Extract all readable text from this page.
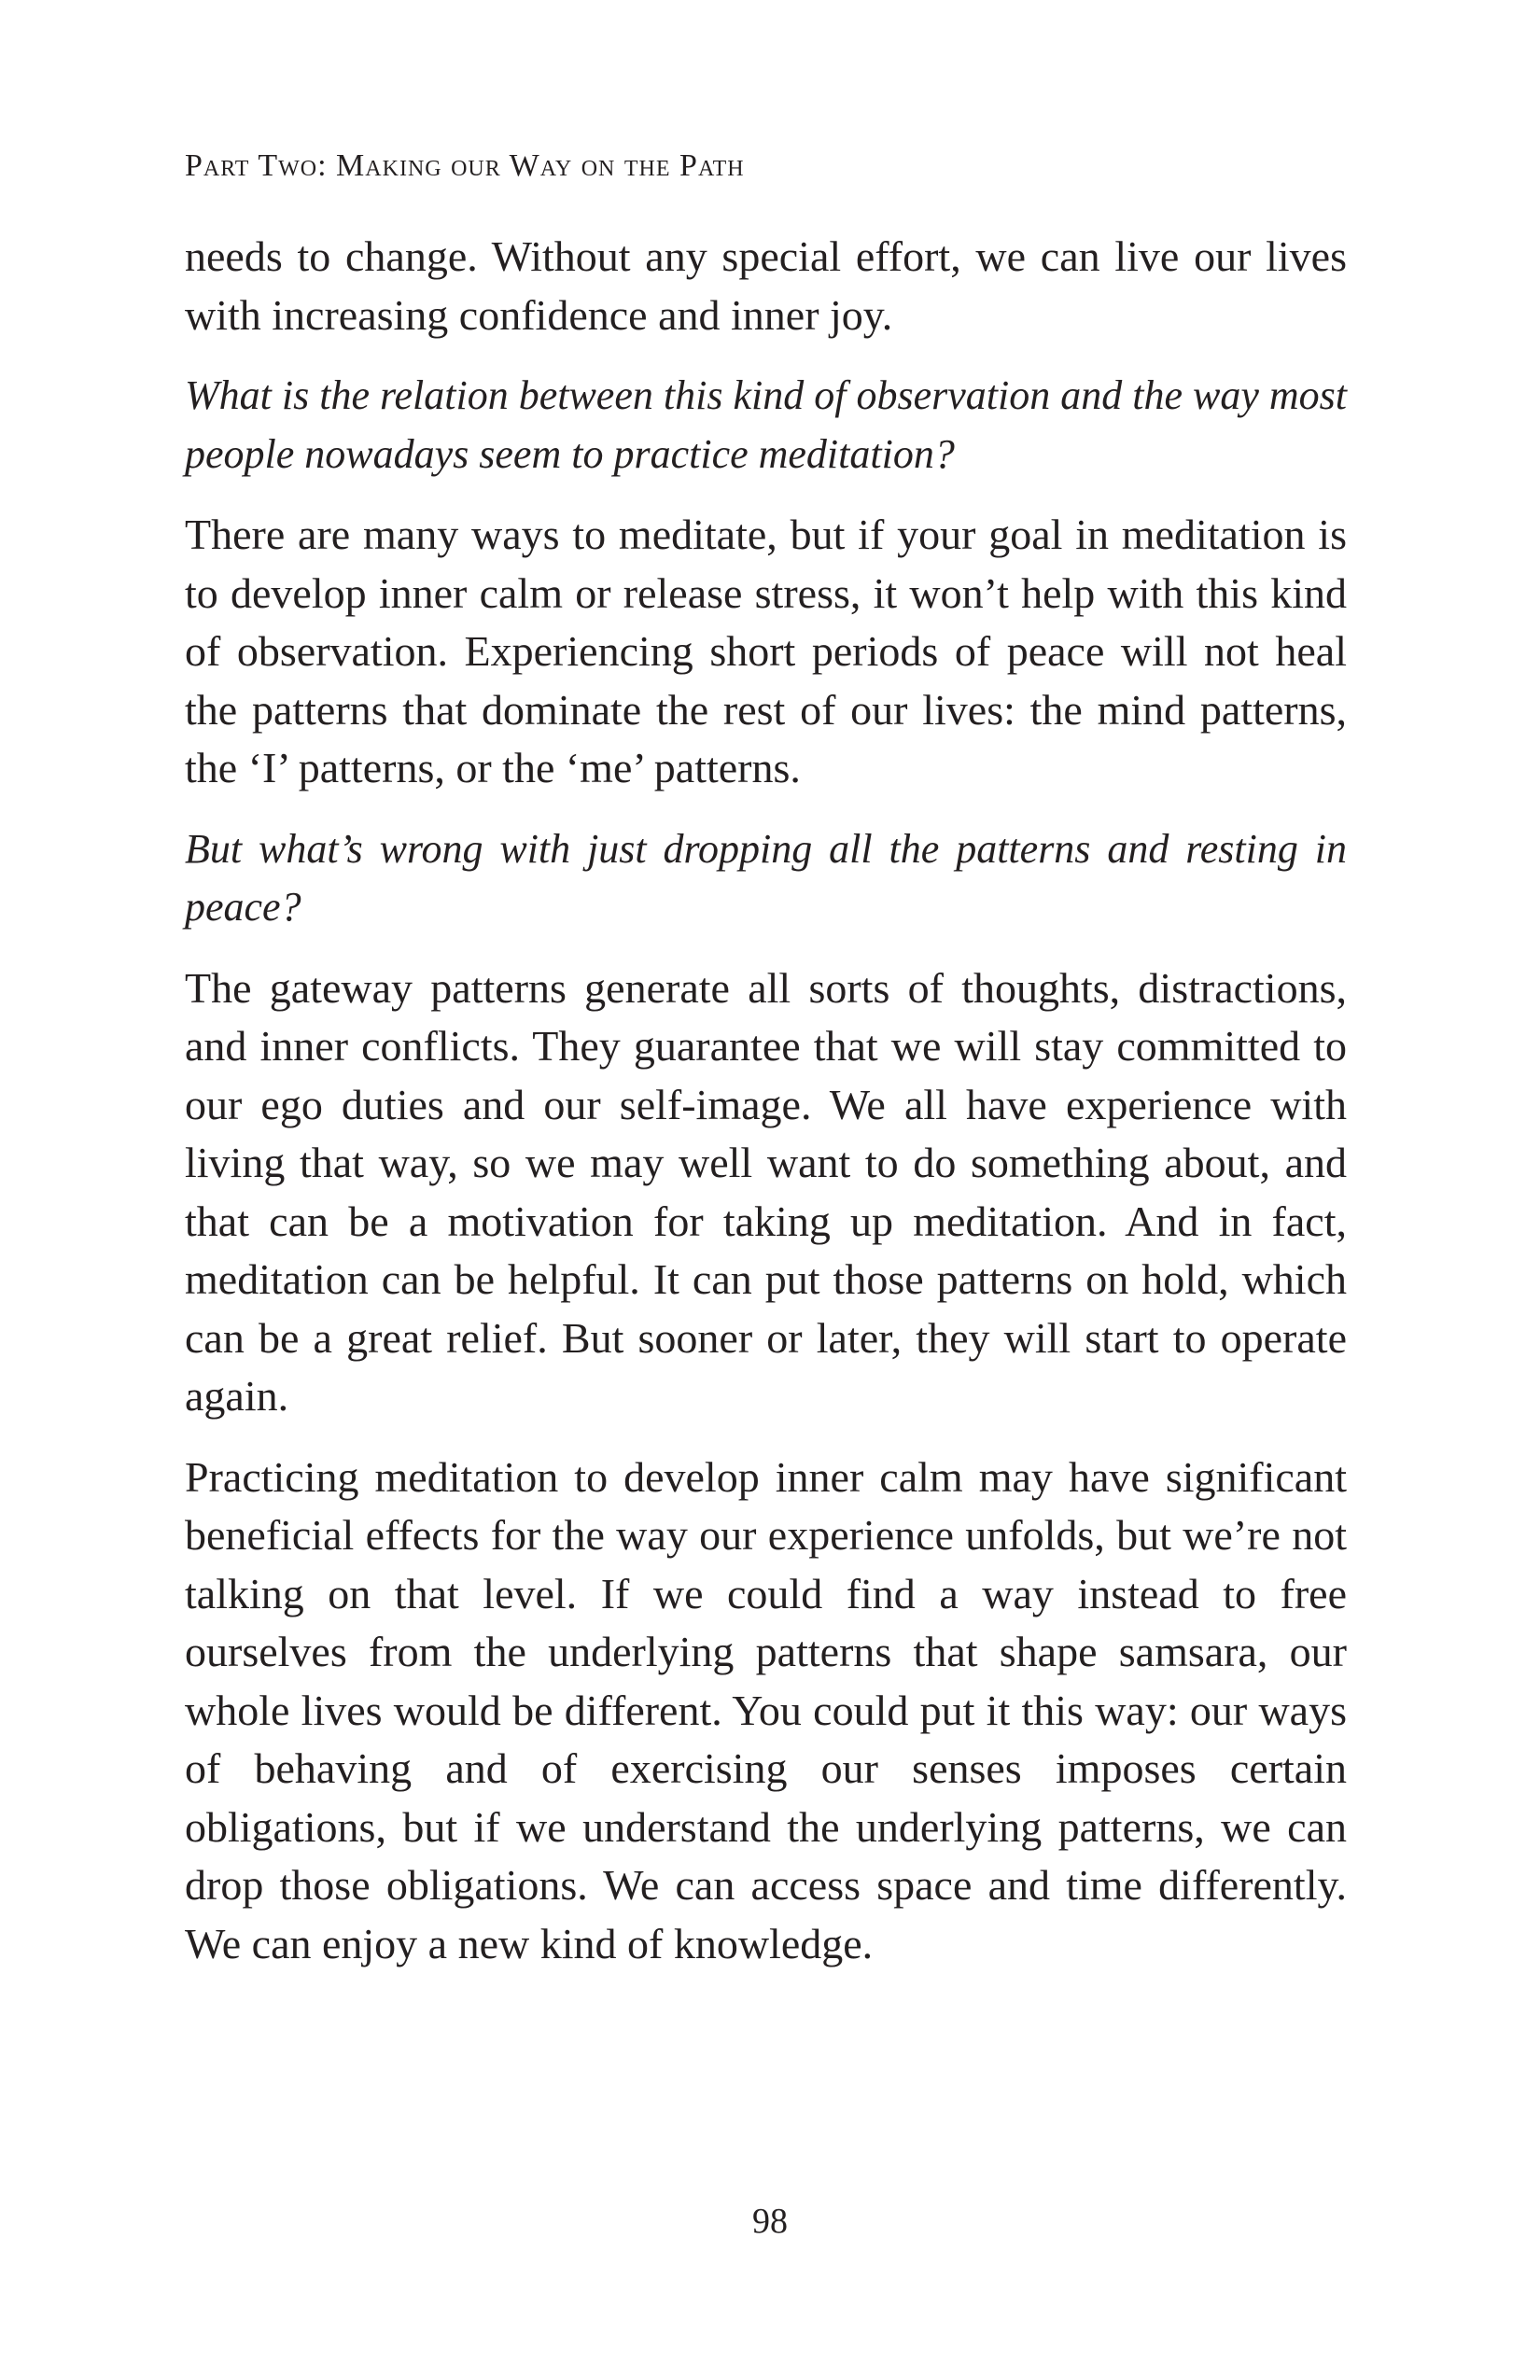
Part Two: Making our Way on the Path

needs to change. Without any special effort, we can live our lives with increasing confidence and inner joy.

What is the relation between this kind of observation and the way most people nowadays seem to practice meditation?

There are many ways to meditate, but if your goal in meditation is to develop inner calm or release stress, it won’t help with this kind of observation. Experiencing short periods of peace will not heal the patterns that dominate the rest of our lives: the mind patterns, the ‘I’ patterns, or the ‘me’ patterns.

But what’s wrong with just dropping all the patterns and resting in peace?

The gateway patterns generate all sorts of thoughts, distractions, and inner conflicts. They guarantee that we will stay committed to our ego duties and our self-image. We all have experience with living that way, so we may well want to do something about, and that can be a motivation for taking up meditation. And in fact, meditation can be helpful. It can put those patterns on hold, which can be a great relief. But sooner or later, they will start to operate again.

Practicing meditation to develop inner calm may have significant beneficial effects for the way our experience unfolds, but we’re not talking on that level. If we could find a way instead to free ourselves from the underlying patterns that shape samsara, our whole lives would be different. You could put it this way: our ways of behaving and of exercising our senses imposes certain obligations, but if we understand the underlying patterns, we can drop those obligations. We can access space and time differently. We can enjoy a new kind of knowledge.

98
